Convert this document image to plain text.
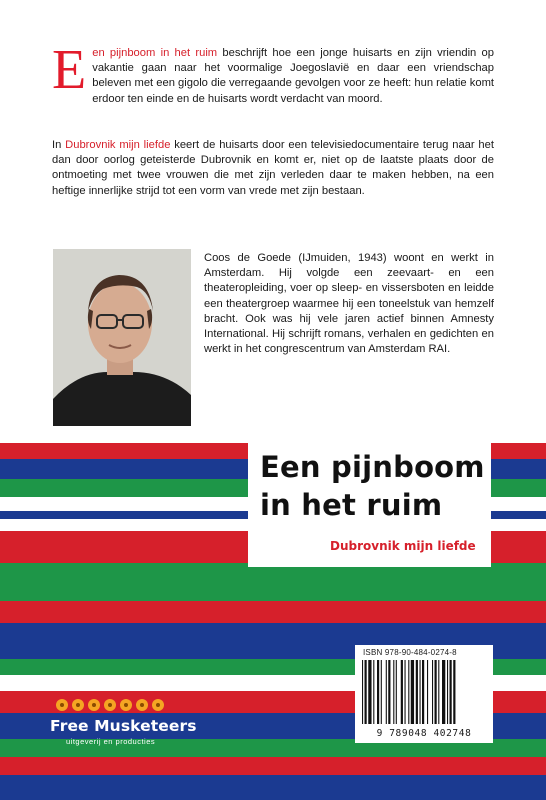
Een pijnboom in het ruim beschrijft hoe een jonge huisarts en zijn vriendin op vakantie gaan naar het voormalige Joegoslavië en daar een vriendschap beleven met een gigolo die verregaande gevolgen voor ze heeft: hun relatie komt erdoor ten einde en de huisarts wordt verdacht van moord.
In Dubrovnik mijn liefde keert de huisarts door een televisiedocumentaire terug naar het dan door oorlog geteisterde Dubrovnik en komt er, niet op de laatste plaats door de ontmoeting met twee vrouwen die met zijn verleden daar te maken hebben, na een heftige innerlijke strijd tot een vorm van vrede met zijn bestaan.
Coos de Goede (IJmuiden, 1943) woont en werkt in Amsterdam. Hij volgde een zeevaart- en een theateropleiding, voer op sleep- en vissersboten en leidde een theatergroep waarmee hij een toneelstuk van hemzelf bracht. Ook was hij vele jaren actief binnen Amnesty International. Hij schrijft romans, verhalen en gedichten en werkt in het congrescentrum van Amsterdam RAI.
Een pijnboom
in het ruim
Dubrovnik mijn liefde
ISBN 978-90-484-0274-8
9 789048 402748
Free Musketeers
uitgeverij en producties
